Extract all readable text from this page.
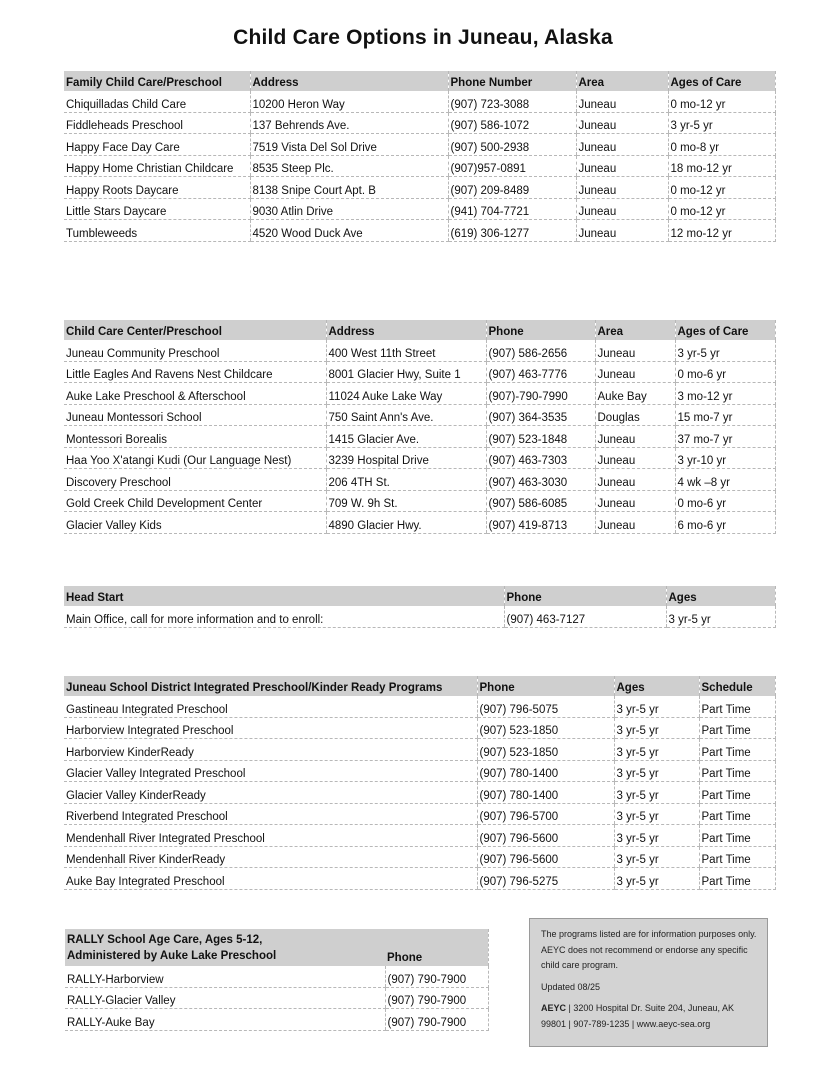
Child Care Options in Juneau, Alaska
Family Child Care/Preschool	Address	Phone Number	Area	Ages of Care
Chiquilladas Child Care	10200 Heron Way	(907) 723-3088	Juneau	0 mo-12 yr
Fiddleheads Preschool	137 Behrends Ave.	(907) 586-1072	Juneau	3 yr-5 yr
Happy Face Day Care	7519 Vista Del Sol Drive	(907) 500-2938	Juneau	0 mo-8 yr
Happy Home Christian Childcare	8535 Steep Plc.	(907)957-0891	Juneau	18 mo-12 yr
Happy Roots Daycare	8138 Snipe Court Apt. B	(907) 209-8489	Juneau	0 mo-12 yr
Little Stars Daycare	9030 Atlin Drive	(941) 704-7721	Juneau	0 mo-12 yr
Tumbleweeds	4520 Wood Duck Ave	(619) 306-1277	Juneau	12 mo-12 yr
Child Care Center/Preschool	Address	Phone	Area	Ages of Care
Juneau Community Preschool	400 West 11th Street	(907) 586-2656	Juneau	3 yr-5 yr
Little Eagles And Ravens Nest Childcare	8001 Glacier Hwy, Suite 1	(907) 463-7776	Juneau	0 mo-6 yr
Auke Lake Preschool & Afterschool	11024 Auke Lake Way	(907)-790-7990	Auke Bay	3 mo-12 yr
Juneau Montessori School	750 Saint Ann's Ave.	(907) 364-3535	Douglas	15 mo-7 yr
Montessori Borealis	1415 Glacier Ave.	(907) 523-1848	Juneau	37 mo-7 yr
Haa Yoo X'atangi Kudi (Our Language Nest)	3239 Hospital Drive	(907) 463-7303	Juneau	3 yr-10 yr
Discovery Preschool	206 4TH St.	(907) 463-3030	Juneau	4 wk –8 yr
Gold Creek Child Development Center	709 W. 9h St.	(907) 586-6085	Juneau	0 mo-6 yr
Glacier Valley Kids	4890 Glacier Hwy.	(907) 419-8713	Juneau	6 mo-6 yr
Head Start	Phone	Ages
Main Office, call for more information and to enroll:	(907) 463-7127	3 yr-5 yr
Juneau School District Integrated Preschool/Kinder Ready Programs	Phone	Ages	Schedule
Gastineau Integrated Preschool	(907) 796-5075	3 yr-5 yr	Part Time
Harborview Integrated Preschool	(907) 523-1850	3 yr-5 yr	Part Time
Harborview KinderReady	(907) 523-1850	3 yr-5 yr	Part Time
Glacier Valley Integrated Preschool	(907) 780-1400	3 yr-5 yr	Part Time
Glacier Valley KinderReady	(907) 780-1400	3 yr-5 yr	Part Time
Riverbend Integrated Preschool	(907) 796-5700	3 yr-5 yr	Part Time
Mendenhall River Integrated Preschool	(907) 796-5600	3 yr-5 yr	Part Time
Mendenhall River KinderReady	(907) 796-5600	3 yr-5 yr	Part Time
Auke Bay Integrated Preschool	(907) 796-5275	3 yr-5 yr	Part Time
RALLY School Age Care, Ages 5-12,
Administered by Auke Lake Preschool	Phone
RALLY-Harborview	(907) 790-7900
RALLY-Glacier Valley	(907) 790-7900
RALLY-Auke Bay	(907) 790-7900

The programs listed are for information purposes only. AEYC does not recommend or endorse any specific child care program.

Updated 08/25

AEYC | 3200 Hospital Dr. Suite 204, Juneau, AK 99801 | 907-789-1235 | www.aeyc-sea.org
